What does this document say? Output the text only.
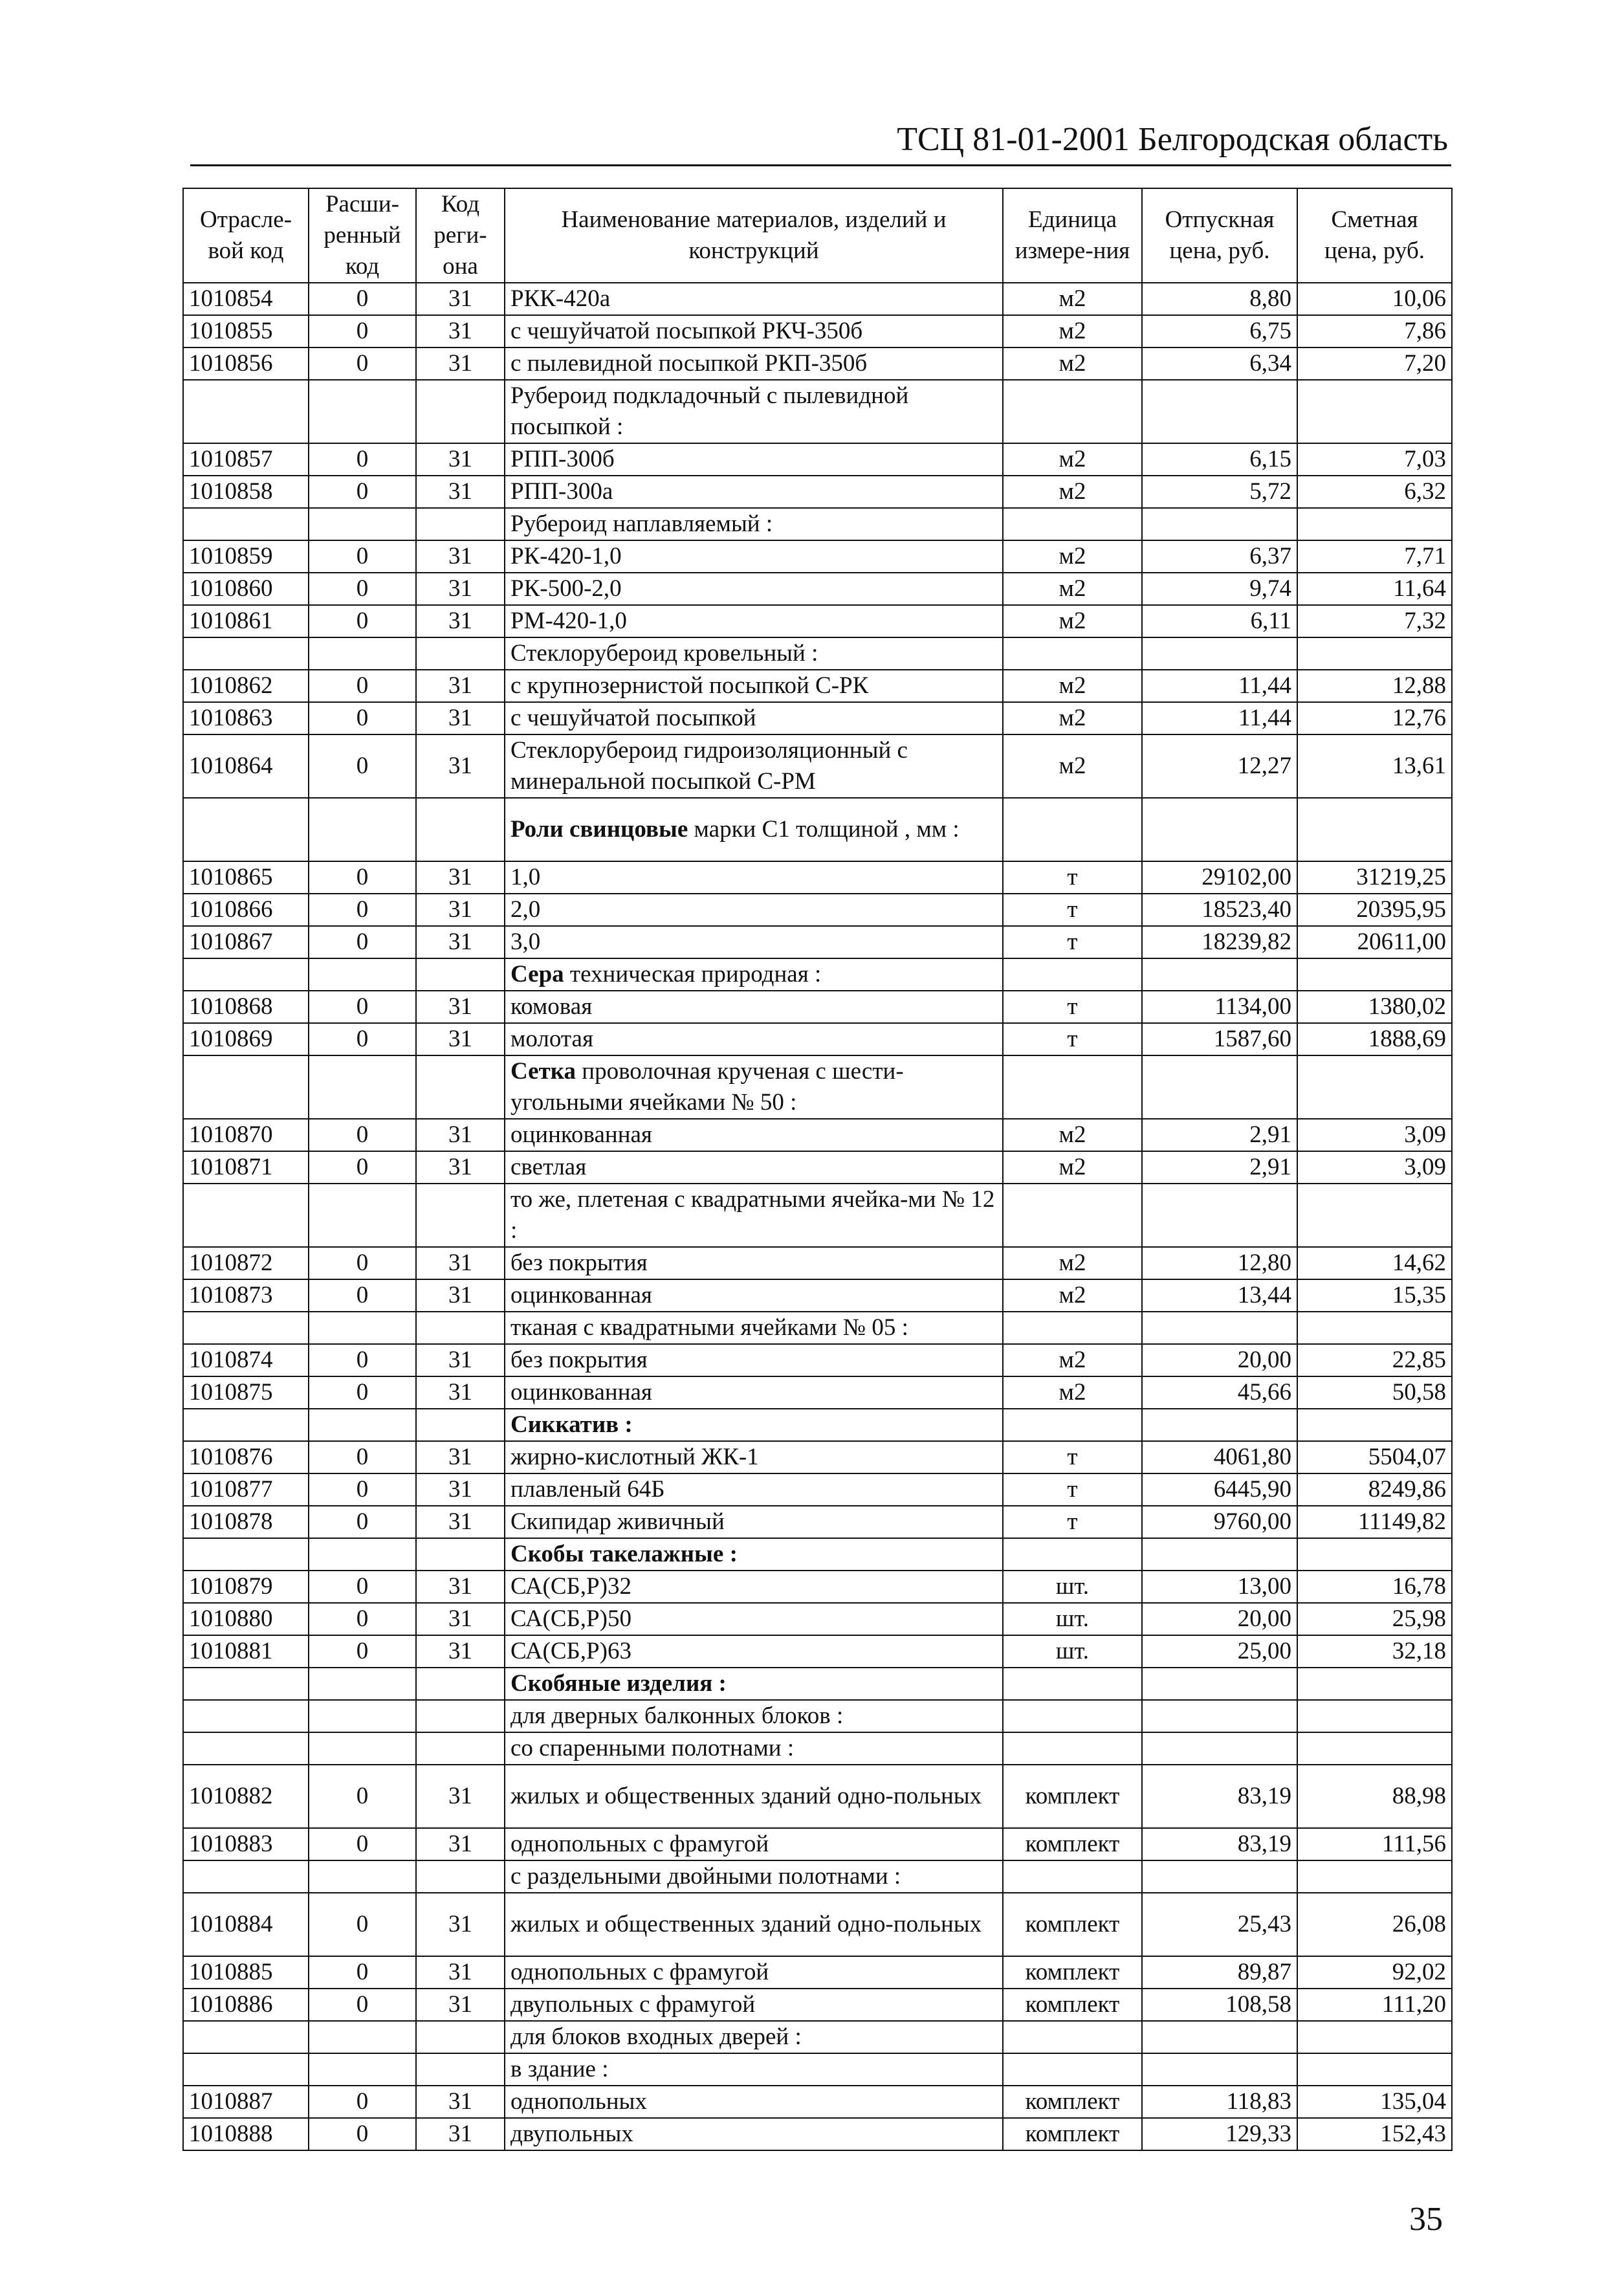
ТСЦ 81-01-2001 Белгородская область
Отрасле-вой код	Расши-ренный код	Код реги-она	Наименование материалов, изделий и конструкций	Единица измере-ния	Отпускная цена, руб.	Сметная цена, руб.
1010854	0	31	РКК-420а	м2	8,80	10,06
1010855	0	31	с чешуйчатой посыпкой РКЧ-350б	м2	6,75	7,86
1010856	0	31	с пылевидной посыпкой РКП-350б	м2	6,34	7,20
			Рубероид подкладочный с пылевидной посыпкой :			
1010857	0	31	РПП-300б	м2	6,15	7,03
1010858	0	31	РПП-300а	м2	5,72	6,32
			Рубероид наплавляемый :			
1010859	0	31	РК-420-1,0	м2	6,37	7,71
1010860	0	31	РК-500-2,0	м2	9,74	11,64
1010861	0	31	РМ-420-1,0	м2	6,11	7,32
			Стеклорубероид кровельный :			
1010862	0	31	с крупнозернистой посыпкой С-РК	м2	11,44	12,88
1010863	0	31	с чешуйчатой посыпкой	м2	11,44	12,76
1010864	0	31	Стеклорубероид гидроизоляционный с минеральной посыпкой С-РМ	м2	12,27	13,61
			Роли свинцовые марки С1 толщиной , мм :			
1010865	0	31	1,0	т	29102,00	31219,25
1010866	0	31	2,0	т	18523,40	20395,95
1010867	0	31	3,0	т	18239,82	20611,00
			Сера техническая природная :			
1010868	0	31	комовая	т	1134,00	1380,02
1010869	0	31	молотая	т	1587,60	1888,69
			Сетка проволочная крученая с шести-угольными ячейками № 50 :			
1010870	0	31	оцинкованная	м2	2,91	3,09
1010871	0	31	светлая	м2	2,91	3,09
			то же, плетеная с квадратными ячейка-ми № 12 :			
1010872	0	31	без покрытия	м2	12,80	14,62
1010873	0	31	оцинкованная	м2	13,44	15,35
			тканая с квадратными ячейками № 05 :			
1010874	0	31	без покрытия	м2	20,00	22,85
1010875	0	31	оцинкованная	м2	45,66	50,58
			Сиккатив :			
1010876	0	31	жирно-кислотный ЖК-1	т	4061,80	5504,07
1010877	0	31	плавленый 64Б	т	6445,90	8249,86
1010878	0	31	Скипидар живичный	т	9760,00	11149,82
			Скобы такелажные :			
1010879	0	31	СА(СБ,Р)32	шт.	13,00	16,78
1010880	0	31	СА(СБ,Р)50	шт.	20,00	25,98
1010881	0	31	СА(СБ,Р)63	шт.	25,00	32,18
			Скобяные изделия :			
			для дверных балконных блоков :			
			со спаренными полотнами :			
1010882	0	31	жилых и общественных зданий одно-польных	комплект	83,19	88,98
1010883	0	31	однопольных с фрамугой	комплект	83,19	111,56
			с раздельными двойными полотнами :			
1010884	0	31	жилых и общественных зданий одно-польных	комплект	25,43	26,08
1010885	0	31	однопольных с фрамугой	комплект	89,87	92,02
1010886	0	31	двупольных с фрамугой	комплект	108,58	111,20
			для блоков входных дверей :			
			в здание :			
1010887	0	31	однопольных	комплект	118,83	135,04
1010888	0	31	двупольных	комплект	129,33	152,43
35
